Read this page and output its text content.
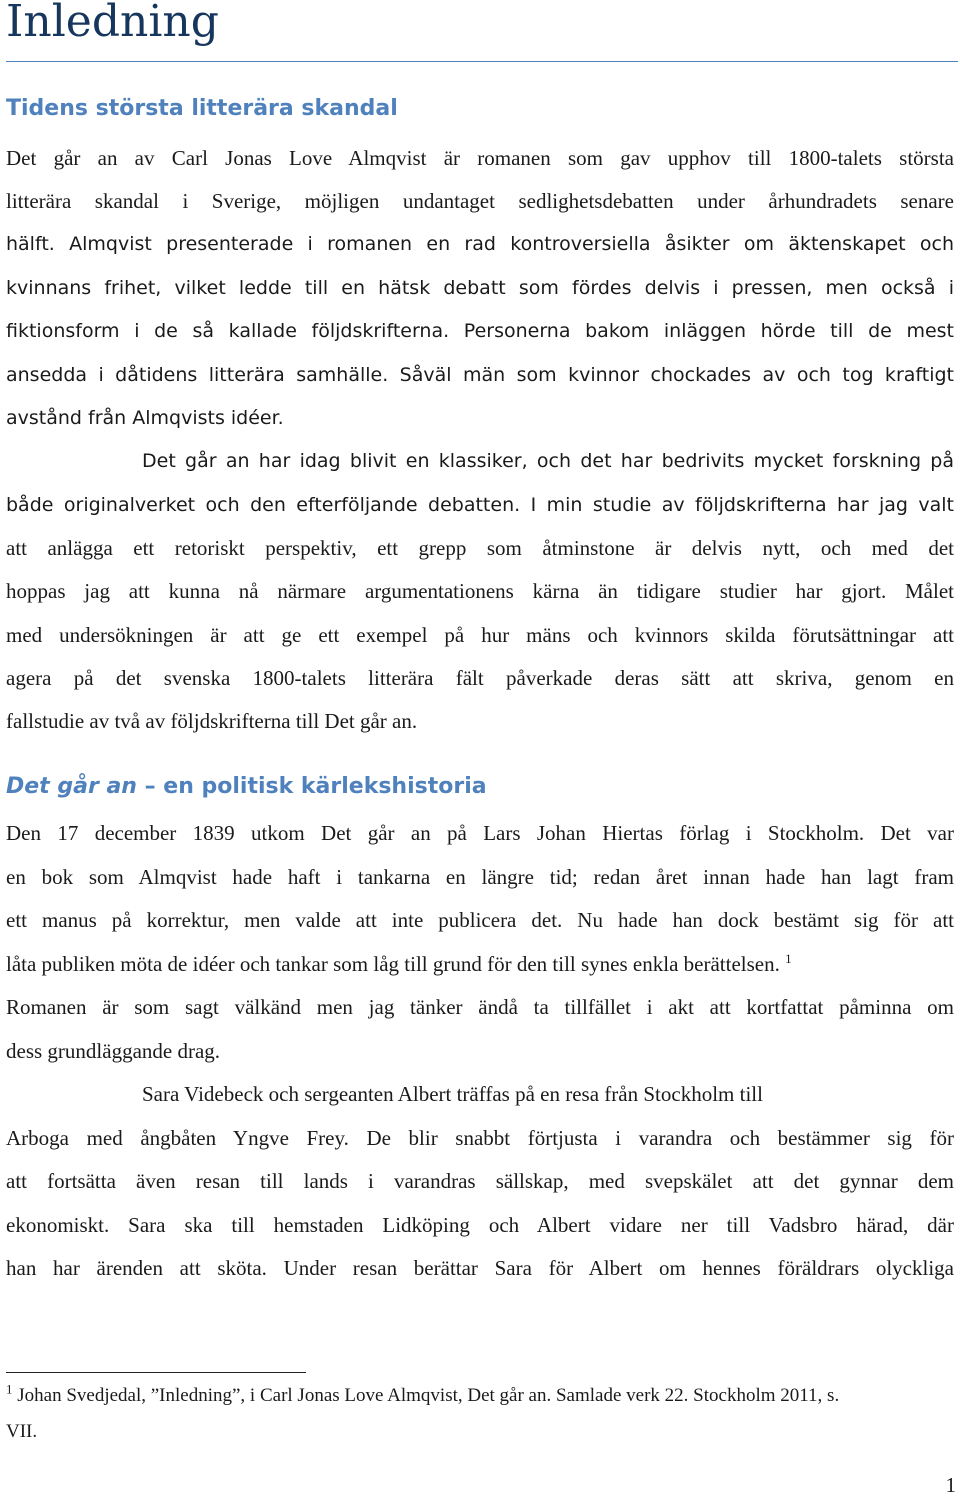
Inledning
Tidens största litterära skandal
Det går an av Carl Jonas Love Almqvist är romanen som gav upphov till 1800-talets största
litterära skandal i Sverige, möjligen undantaget sedlighetsdebatten under århundradets senare
hälft. Almqvist presenterade i romanen en rad kontroversiella åsikter om äktenskapet och
kvinnans frihet, vilket ledde till en hätsk debatt som fördes delvis i pressen, men också i
fiktionsform i de så kallade följdskrifterna. Personerna bakom inläggen hörde till de mest
ansedda i dåtidens litterära samhälle. Såväl män som kvinnor chockades av och tog kraftigt
avstånd från Almqvists idéer.
Det går an har idag blivit en klassiker, och det har bedrivits mycket forskning på
både originalverket och den efterföljande debatten. I min studie av följdskrifterna har jag valt
att anlägga ett retoriskt perspektiv, ett grepp som åtminstone är delvis nytt, och med det
hoppas jag att kunna nå närmare argumentationens kärna än tidigare studier har gjort. Målet
med undersökningen är att ge ett exempel på hur mäns och kvinnors skilda förutsättningar att
agera på det svenska 1800-talets litterära fält påverkade deras sätt att skriva, genom en
fallstudie av två av följdskrifterna till Det går an.
Det går an – en politisk kärlekshistoria
Den 17 december 1839 utkom Det går an på Lars Johan Hiertas förlag i Stockholm. Det var
en bok som Almqvist hade haft i tankarna en längre tid; redan året innan hade han lagt fram
ett manus på korrektur, men valde att inte publicera det. Nu hade han dock bestämt sig för att
låta publiken möta de idéer och tankar som låg till grund för den till synes enkla berättelsen. $^1$
Romanen är som sagt välkänd men jag tänker ändå ta tillfället i akt att kortfattat påminna om
dess grundläggande drag.
Sara Videbeck och sergeanten Albert träffas på en resa från Stockholm till
Arboga med ångbåten Yngve Frey. De blir snabbt förtjusta i varandra och bestämmer sig för
att fortsätta även resan till lands i varandras sällskap, med svepskälet att det gynnar dem
ekonomiskt. Sara ska till hemstaden Lidköping och Albert vidare ner till Vadsbro härad, där
han har ärenden att sköta. Under resan berättar Sara för Albert om hennes föräldrars olyckliga
$^1$ Johan Svedjedal, ”Inledning”, i Carl Jonas Love Almqvist, Det går an. Samlade verk 22. Stockholm 2011, s.
VII.
1
